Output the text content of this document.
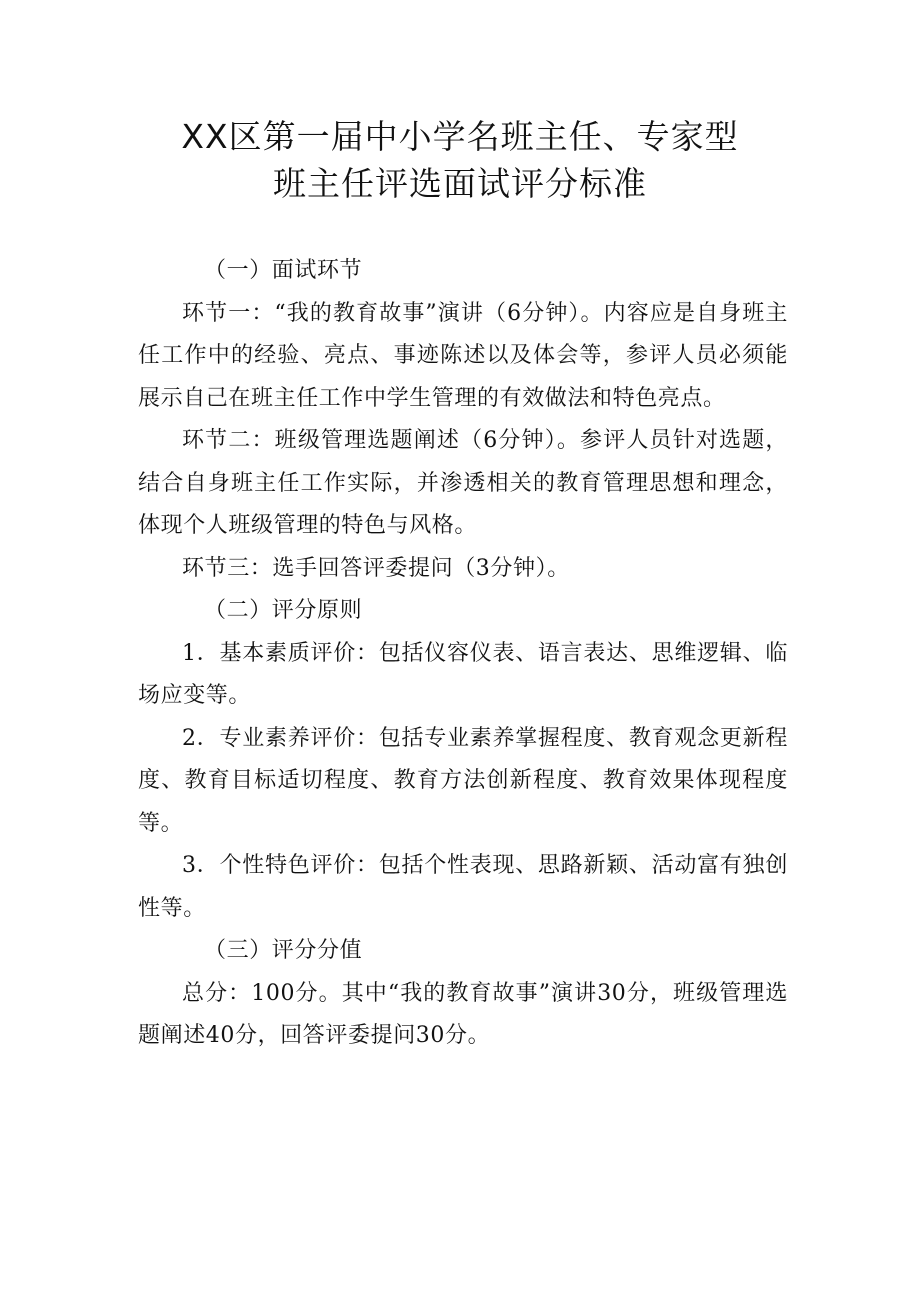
XX区第一届中小学名班主任、专家型
班主任评选面试评分标准

（一）面试环节

环节一：“我的教育故事”演讲（6分钟）。内容应是自身班主任工作中的经验、亮点、事迹陈述以及体会等，参评人员必须能展示自己在班主任工作中学生管理的有效做法和特色亮点。

环节二：班级管理选题阐述（6分钟）。参评人员针对选题，结合自身班主任工作实际，并渗透相关的教育管理思想和理念，体现个人班级管理的特色与风格。

环节三：选手回答评委提问（3分钟）。

（二）评分原则

1．基本素质评价：包括仪容仪表、语言表达、思维逻辑、临场应变等。

2．专业素养评价：包括专业素养掌握程度、教育观念更新程度、教育目标适切程度、教育方法创新程度、教育效果体现程度等。

3．个性特色评价：包括个性表现、思路新颖、活动富有独创性等。

（三）评分分值

总分：100分。其中“我的教育故事”演讲30分，班级管理选题阐述40分，回答评委提问30分。
